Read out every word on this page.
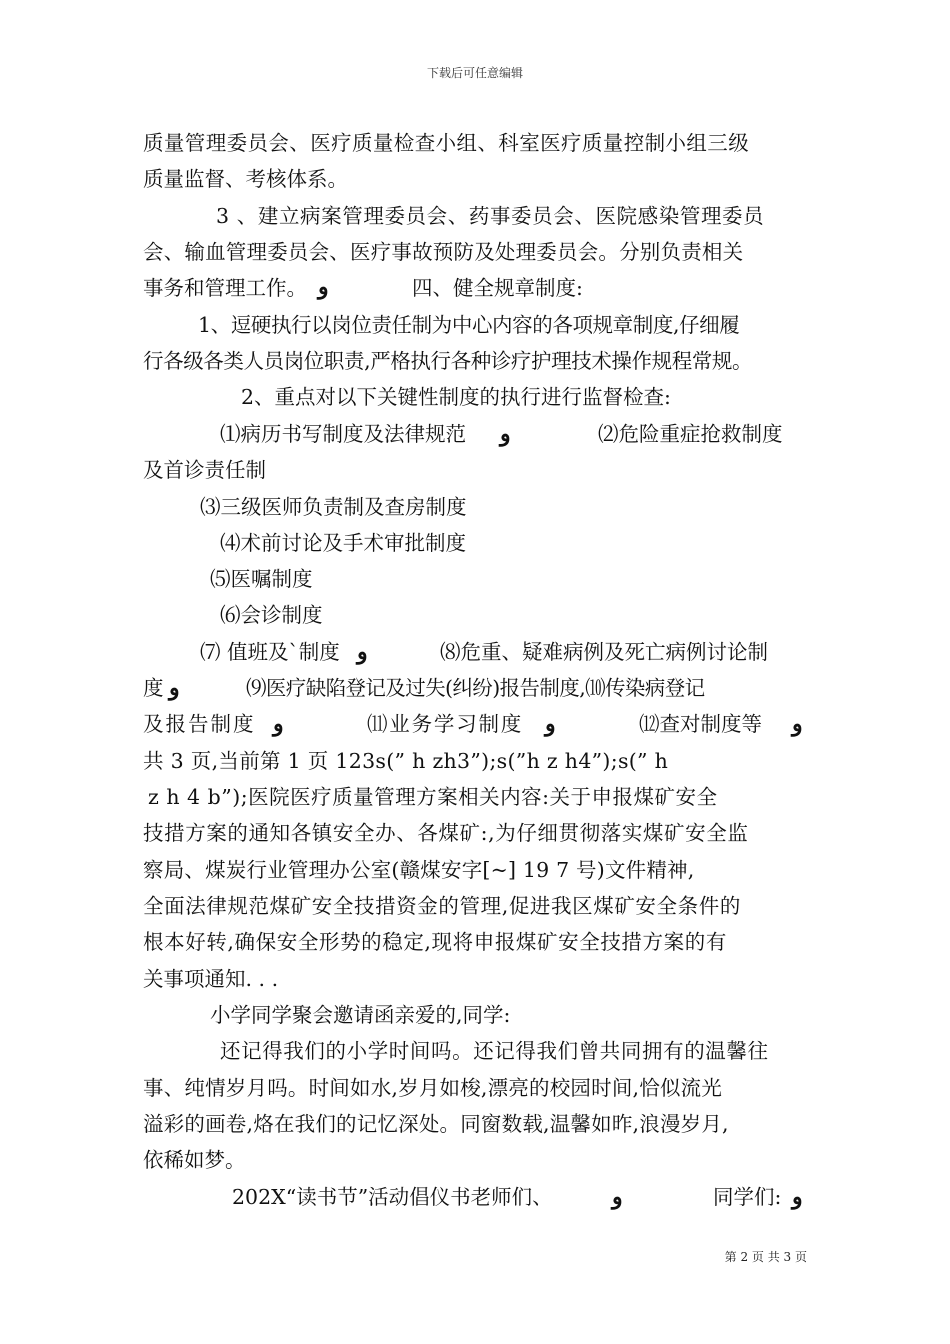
下载后可任意编辑
质量管理委员会、医疗质量检查小组、科室医疗质量控制小组三级
质量监督、考核体系。
3 、建立病案管理委员会、药事委员会、医院感染管理委员
会、输血管理委员会、医疗事故预防及处理委员会。分别负责相关
事务和管理工作。 و	四、健全规章制度:
1、逗硬执行以岗位责任制为中心内容的各项规章制度,仔细履
行各级各类人员岗位职责,严格执行各种诊疗护理技术操作规程常规。
2、重点对以下关键性制度的执行进行监督检查:
⑴病历书写制度及法律规范 و	⑵危险重症抢救制度
及首诊责任制
⑶三级医师负责制及查房制度
⑷术前讨论及手术审批制度
⑸医嘱制度
⑹会诊制度
⑺ 值班及`制度 و	⑻危重、疑难病例及死亡病例讨论制
度 و	⑼医疗缺陷登记及过失(纠纷)报告制度,⑽传染病登记
及报告制度 و	⑾业务学习制度 و	⑿查对制度等 و
共 3 页,当前第 1 页 123s(” h zh3”);s(”h z h4”);s(” h
z h 4 b”);医院医疗质量管理方案相关内容:关于申报煤矿安全
技措方案的通知各镇安全办、各煤矿:,为仔细贯彻落实煤矿安全监
察局、煤炭行业管理办公室(赣煤安字[~] 19 7 号)文件精神,
全面法律规范煤矿安全技措资金的管理,促进我区煤矿安全条件的
根本好转,确保安全形势的稳定,现将申报煤矿安全技措方案的有
关事项通知. . .
小学同学聚会邀请函亲爱的,同学:
还记得我们的小学时间吗。还记得我们曾共同拥有的温馨往
事、纯情岁月吗。时间如水,岁月如梭,漂亮的校园时间,恰似流光
溢彩的画卷,烙在我们的记忆深处。同窗数载,温馨如昨,浪漫岁月,
依稀如梦。
202X“读书节”活动倡仪书老师们、	و	同学们: و
第 2 页 共 3 页
